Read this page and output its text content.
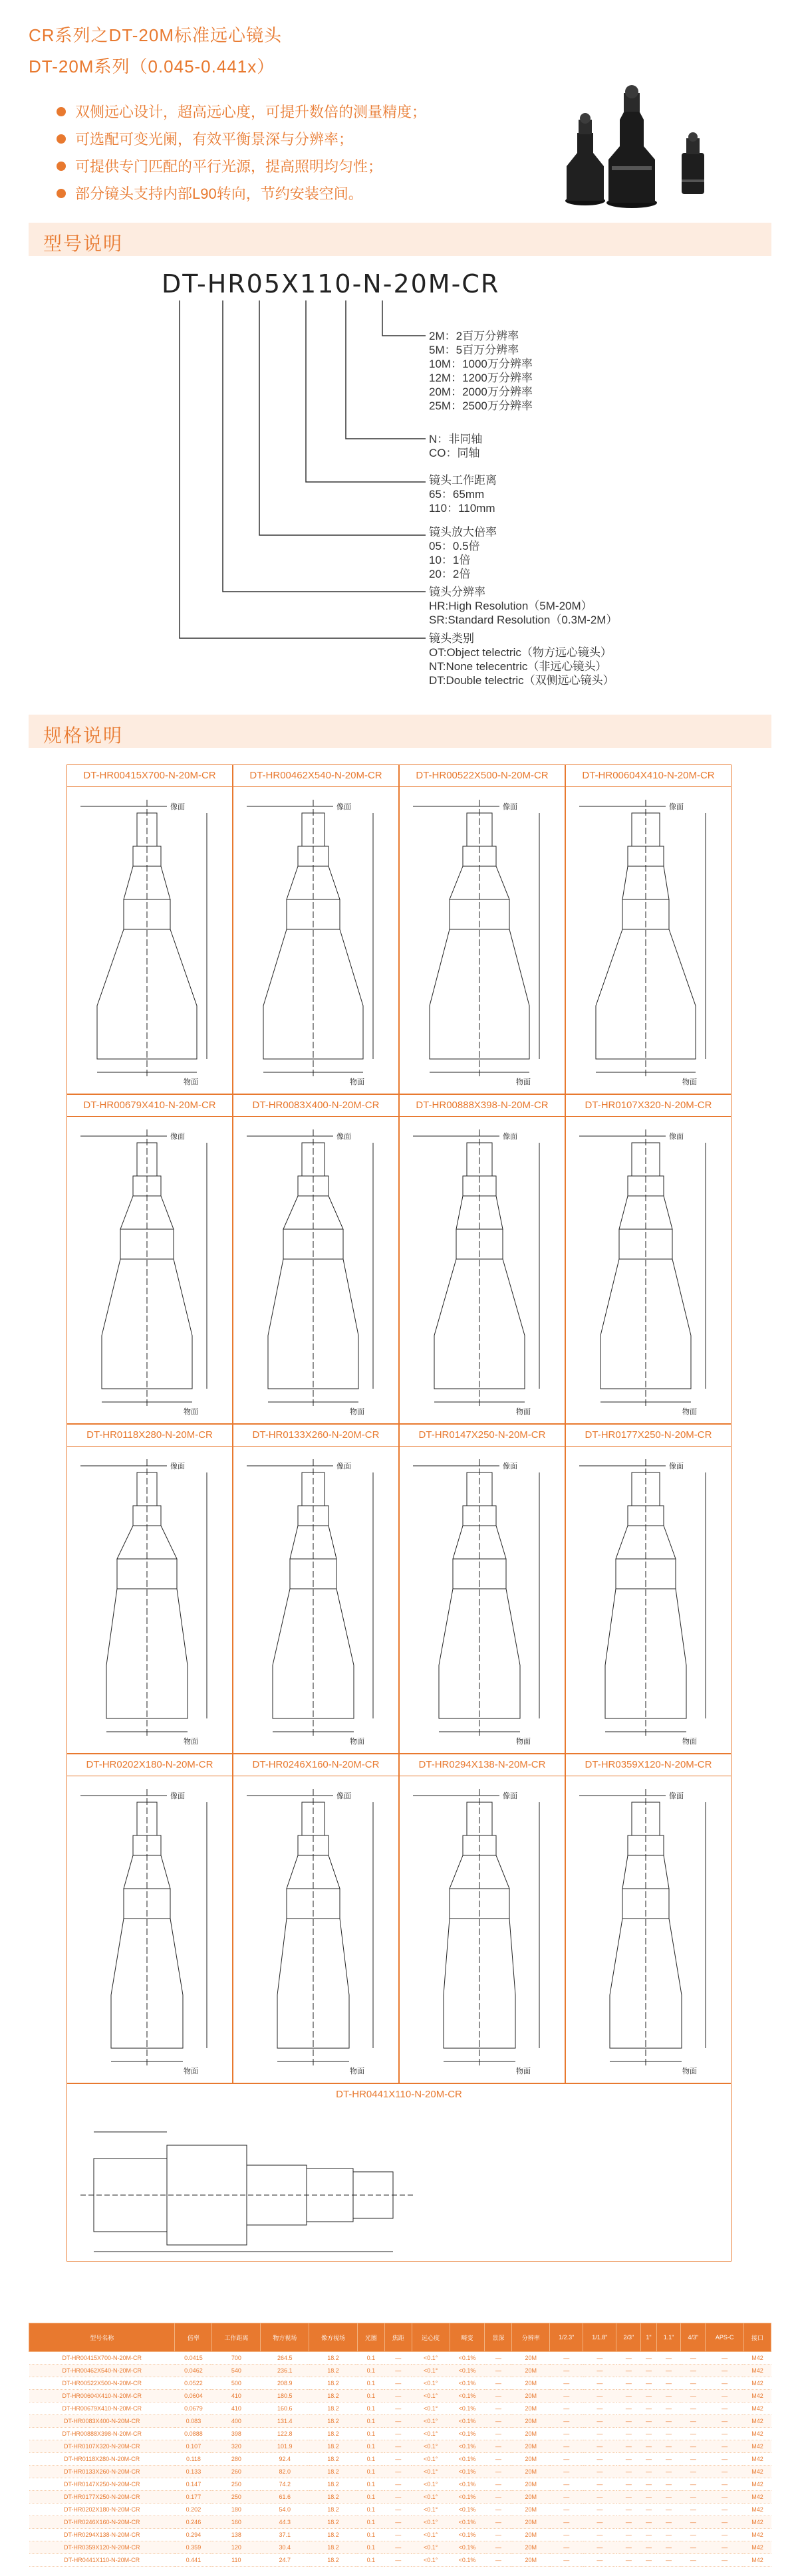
CR系列之DT-20M标准远心镜头
DT-20M系列（0.045-0.441x）
双侧远心设计，超高远心度，可提升数倍的测量精度；
可选配可变光阑，有效平衡景深与分辨率；
可提供专门匹配的平行光源，提高照明均匀性；
部分镜头支持内部L90转向，节约安装空间。
型号说明
DT-HR05X110-N-20M-CR
2M：2百万分辨率
5M：5百万分辨率
10M：1000万分辨率
12M：1200万分辨率
20M：2000万分辨率
25M：2500万分辨率
N：非同轴
CO：同轴
镜头工作距离
65：65mm
110：110mm
镜头放大倍率
05：0.5倍
10：1倍
20：2倍
镜头分辨率
HR:High Resolution（5M-20M）
SR:Standard Resolution（0.3M-2M）
镜头类别
OT:Object telectric（物方远心镜头）
NT:None telecentric（非远心镜头）
DT:Double telectric（双侧远心镜头）
规格说明
DT-HR00415X700-N-20M-CR
像面
物面
DT-HR00462X540-N-20M-CR
像面
物面
DT-HR00522X500-N-20M-CR
像面
物面
DT-HR00604X410-N-20M-CR
像面
物面
DT-HR00679X410-N-20M-CR
像面
物面
DT-HR0083X400-N-20M-CR
像面
物面
DT-HR00888X398-N-20M-CR
像面
物面
DT-HR0107X320-N-20M-CR
像面
物面
DT-HR0118X280-N-20M-CR
像面
物面
DT-HR0133X260-N-20M-CR
像面
物面
DT-HR0147X250-N-20M-CR
像面
物面
DT-HR0177X250-N-20M-CR
像面
物面
DT-HR0202X180-N-20M-CR
像面
物面
DT-HR0246X160-N-20M-CR
像面
物面
DT-HR0294X138-N-20M-CR
像面
物面
DT-HR0359X120-N-20M-CR
像面
物面
DT-HR0441X110-N-20M-CR
型号名称	倍率	工作距离	物方视场	像方视场	光圈	焦距	远心度	畸变	景深	分辨率	1/2.3"	1/1.8"	2/3"	1"	1.1"	4/3"	APS-C	接口
DT-HR00415X700-N-20M-CR	0.0415	700	264.5	18.2	0.1	—	<0.1°	<0.1%	—	20M	—	—	—	—	—	—	—	M42
DT-HR00462X540-N-20M-CR	0.0462	540	236.1	18.2	0.1	—	<0.1°	<0.1%	—	20M	—	—	—	—	—	—	—	M42
DT-HR00522X500-N-20M-CR	0.0522	500	208.9	18.2	0.1	—	<0.1°	<0.1%	—	20M	—	—	—	—	—	—	—	M42
DT-HR00604X410-N-20M-CR	0.0604	410	180.5	18.2	0.1	—	<0.1°	<0.1%	—	20M	—	—	—	—	—	—	—	M42
DT-HR00679X410-N-20M-CR	0.0679	410	160.6	18.2	0.1	—	<0.1°	<0.1%	—	20M	—	—	—	—	—	—	—	M42
DT-HR0083X400-N-20M-CR	0.083	400	131.4	18.2	0.1	—	<0.1°	<0.1%	—	20M	—	—	—	—	—	—	—	M42
DT-HR00888X398-N-20M-CR	0.0888	398	122.8	18.2	0.1	—	<0.1°	<0.1%	—	20M	—	—	—	—	—	—	—	M42
DT-HR0107X320-N-20M-CR	0.107	320	101.9	18.2	0.1	—	<0.1°	<0.1%	—	20M	—	—	—	—	—	—	—	M42
DT-HR0118X280-N-20M-CR	0.118	280	92.4	18.2	0.1	—	<0.1°	<0.1%	—	20M	—	—	—	—	—	—	—	M42
DT-HR0133X260-N-20M-CR	0.133	260	82.0	18.2	0.1	—	<0.1°	<0.1%	—	20M	—	—	—	—	—	—	—	M42
DT-HR0147X250-N-20M-CR	0.147	250	74.2	18.2	0.1	—	<0.1°	<0.1%	—	20M	—	—	—	—	—	—	—	M42
DT-HR0177X250-N-20M-CR	0.177	250	61.6	18.2	0.1	—	<0.1°	<0.1%	—	20M	—	—	—	—	—	—	—	M42
DT-HR0202X180-N-20M-CR	0.202	180	54.0	18.2	0.1	—	<0.1°	<0.1%	—	20M	—	—	—	—	—	—	—	M42
DT-HR0246X160-N-20M-CR	0.246	160	44.3	18.2	0.1	—	<0.1°	<0.1%	—	20M	—	—	—	—	—	—	—	M42
DT-HR0294X138-N-20M-CR	0.294	138	37.1	18.2	0.1	—	<0.1°	<0.1%	—	20M	—	—	—	—	—	—	—	M42
DT-HR0359X120-N-20M-CR	0.359	120	30.4	18.2	0.1	—	<0.1°	<0.1%	—	20M	—	—	—	—	—	—	—	M42
DT-HR0441X110-N-20M-CR	0.441	110	24.7	18.2	0.1	—	<0.1°	<0.1%	—	20M	—	—	—	—	—	—	—	M42
